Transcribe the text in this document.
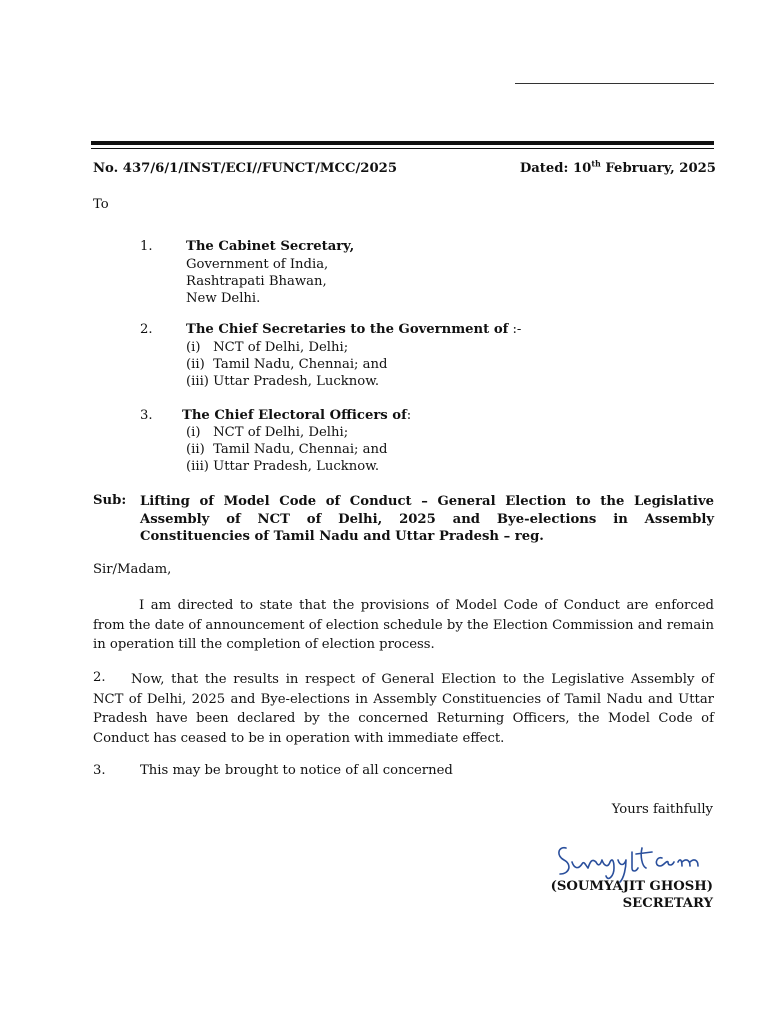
No. 437/6/1/INST/ECI//FUNCT/MCC/2025	Dated: 10th February, 2025
To
1.	The Cabinet Secretary,
Government of India,
Rashtrapati Bhawan,
New Delhi.
2.	The Chief Secretaries to the Government of :-
(i)   NCT of Delhi, Delhi;
(ii)  Tamil Nadu, Chennai; and
(iii) Uttar Pradesh, Lucknow.
3. The Chief Electoral Officers of:
(i)   NCT of Delhi, Delhi;
(ii)  Tamil Nadu, Chennai; and
(iii) Uttar Pradesh, Lucknow.
Sub: Lifting of Model Code of Conduct – General Election to the Legislative Assembly of NCT of Delhi, 2025 and Bye-elections in Assembly Constituencies of Tamil Nadu and Uttar Pradesh – reg.
Sir/Madam,
I am directed to state that the provisions of Model Code of Conduct are enforced from the date of announcement of election schedule by the Election Commission and remain in operation till the completion of election process.
2.	Now, that the results in respect of General Election to the Legislative Assembly of NCT of Delhi, 2025 and Bye-elections in Assembly Constituencies of Tamil Nadu and Uttar Pradesh have been declared by the concerned Returning Officers, the Model Code of Conduct has ceased to be in operation with immediate effect.
3.	This may be brought to notice of all concerned
Yours faithfully
(SOUMYAJIT GHOSH)
SECRETARY
